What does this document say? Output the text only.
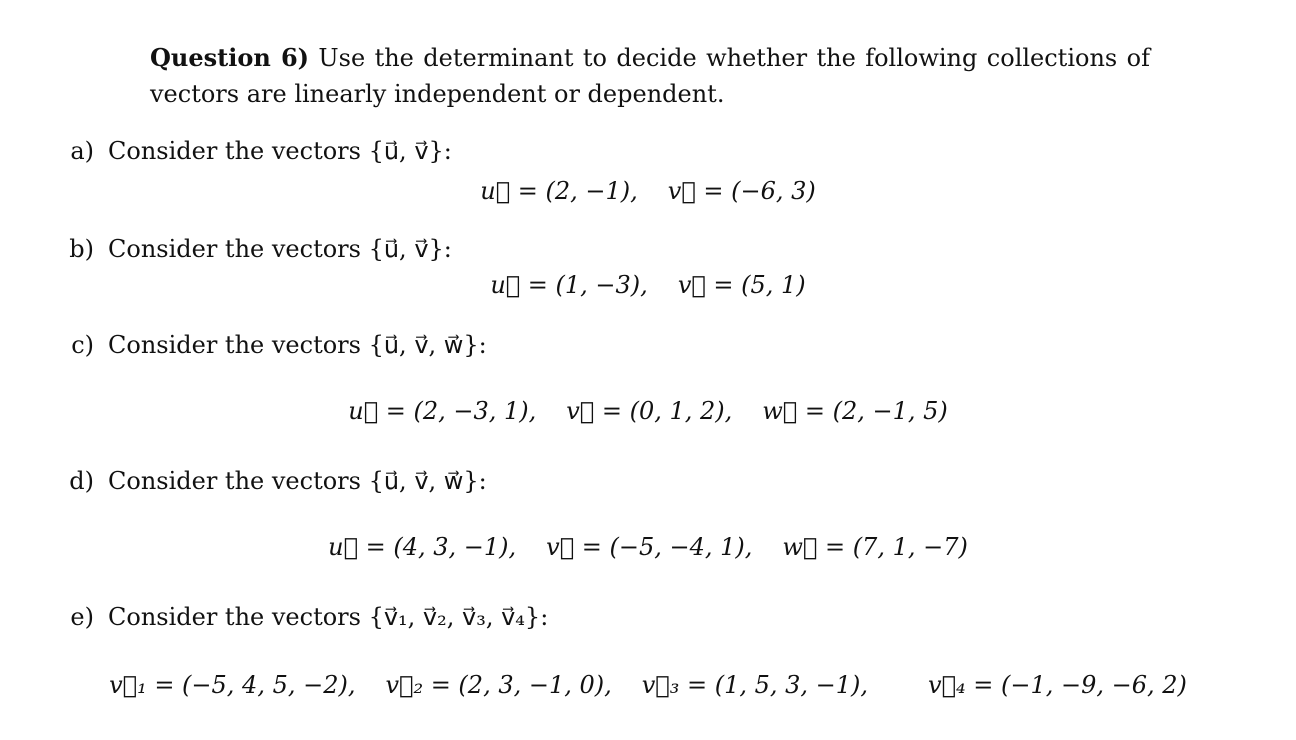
Question 6) Use the determinant to decide whether the following collections of vectors are linearly independent or dependent.
a) Consider the vectors {u⃗, v⃗}:
u⃗ = (2, −1), v⃗ = (−6, 3)
b) Consider the vectors {u⃗, v⃗}:
u⃗ = (1, −3), v⃗ = (5, 1)
c) Consider the vectors {u⃗, v⃗, w⃗}:
u⃗ = (2, −3, 1), v⃗ = (0, 1, 2), w⃗ = (2, −1, 5)
d) Consider the vectors {u⃗, v⃗, w⃗}:
u⃗ = (4, 3, −1), v⃗ = (−5, −4, 1), w⃗ = (7, 1, −7)
e) Consider the vectors {v⃗₁, v⃗₂, v⃗₃, v⃗₄}:
v⃗₁ = (−5, 4, 5, −2), v⃗₂ = (2, 3, −1, 0), v⃗₃ = (1, 5, 3, −1),	v⃗₄ = (−1, −9, −6, 2)
